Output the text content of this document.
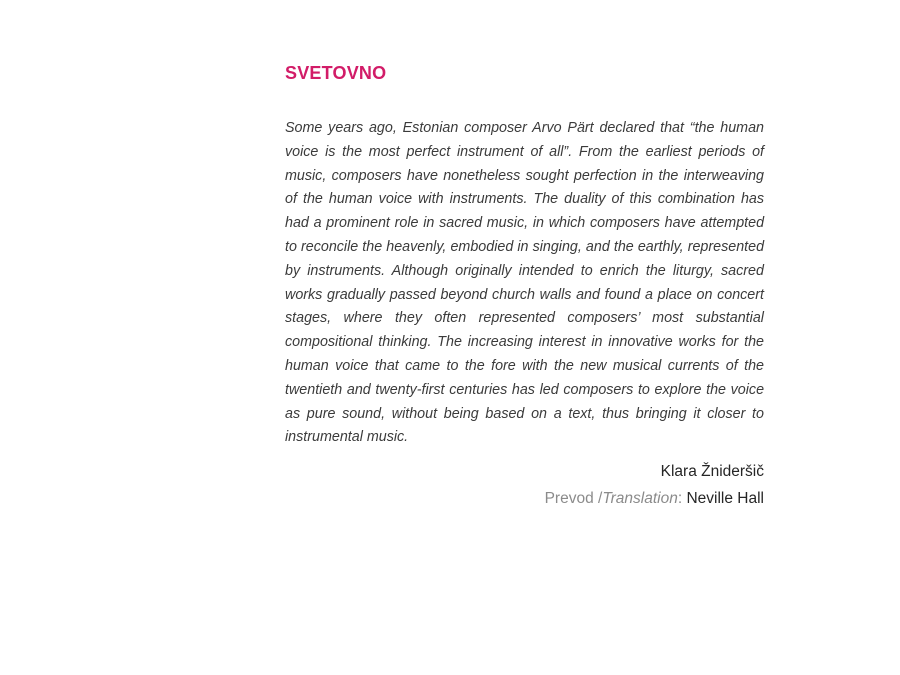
SVETOVNO
Some years ago, Estonian composer Arvo Pärt declared that “the human
voice is the most perfect instrument of all”. From the earliest periods of
music, composers have nonetheless sought perfection in the interweaving
of the human voice with instruments. The duality of this combination has
had a prominent role in sacred music, in which composers have attempted
to reconcile the heavenly, embodied in singing, and the earthly, represented
by instruments. Although originally intended to enrich the liturgy, sacred
works gradually passed beyond church walls and found a place on concert
stages, where they often represented composers’ most substantial
compositional thinking. The increasing interest in innovative works for the
human voice that came to the fore with the new musical currents of the
twentieth and twenty-first centuries has led composers to explore the voice
as pure sound, without being based on a text, thus bringing it closer to
instrumental music.
Klara Žnideršič
Prevod /Translation: Neville Hall
